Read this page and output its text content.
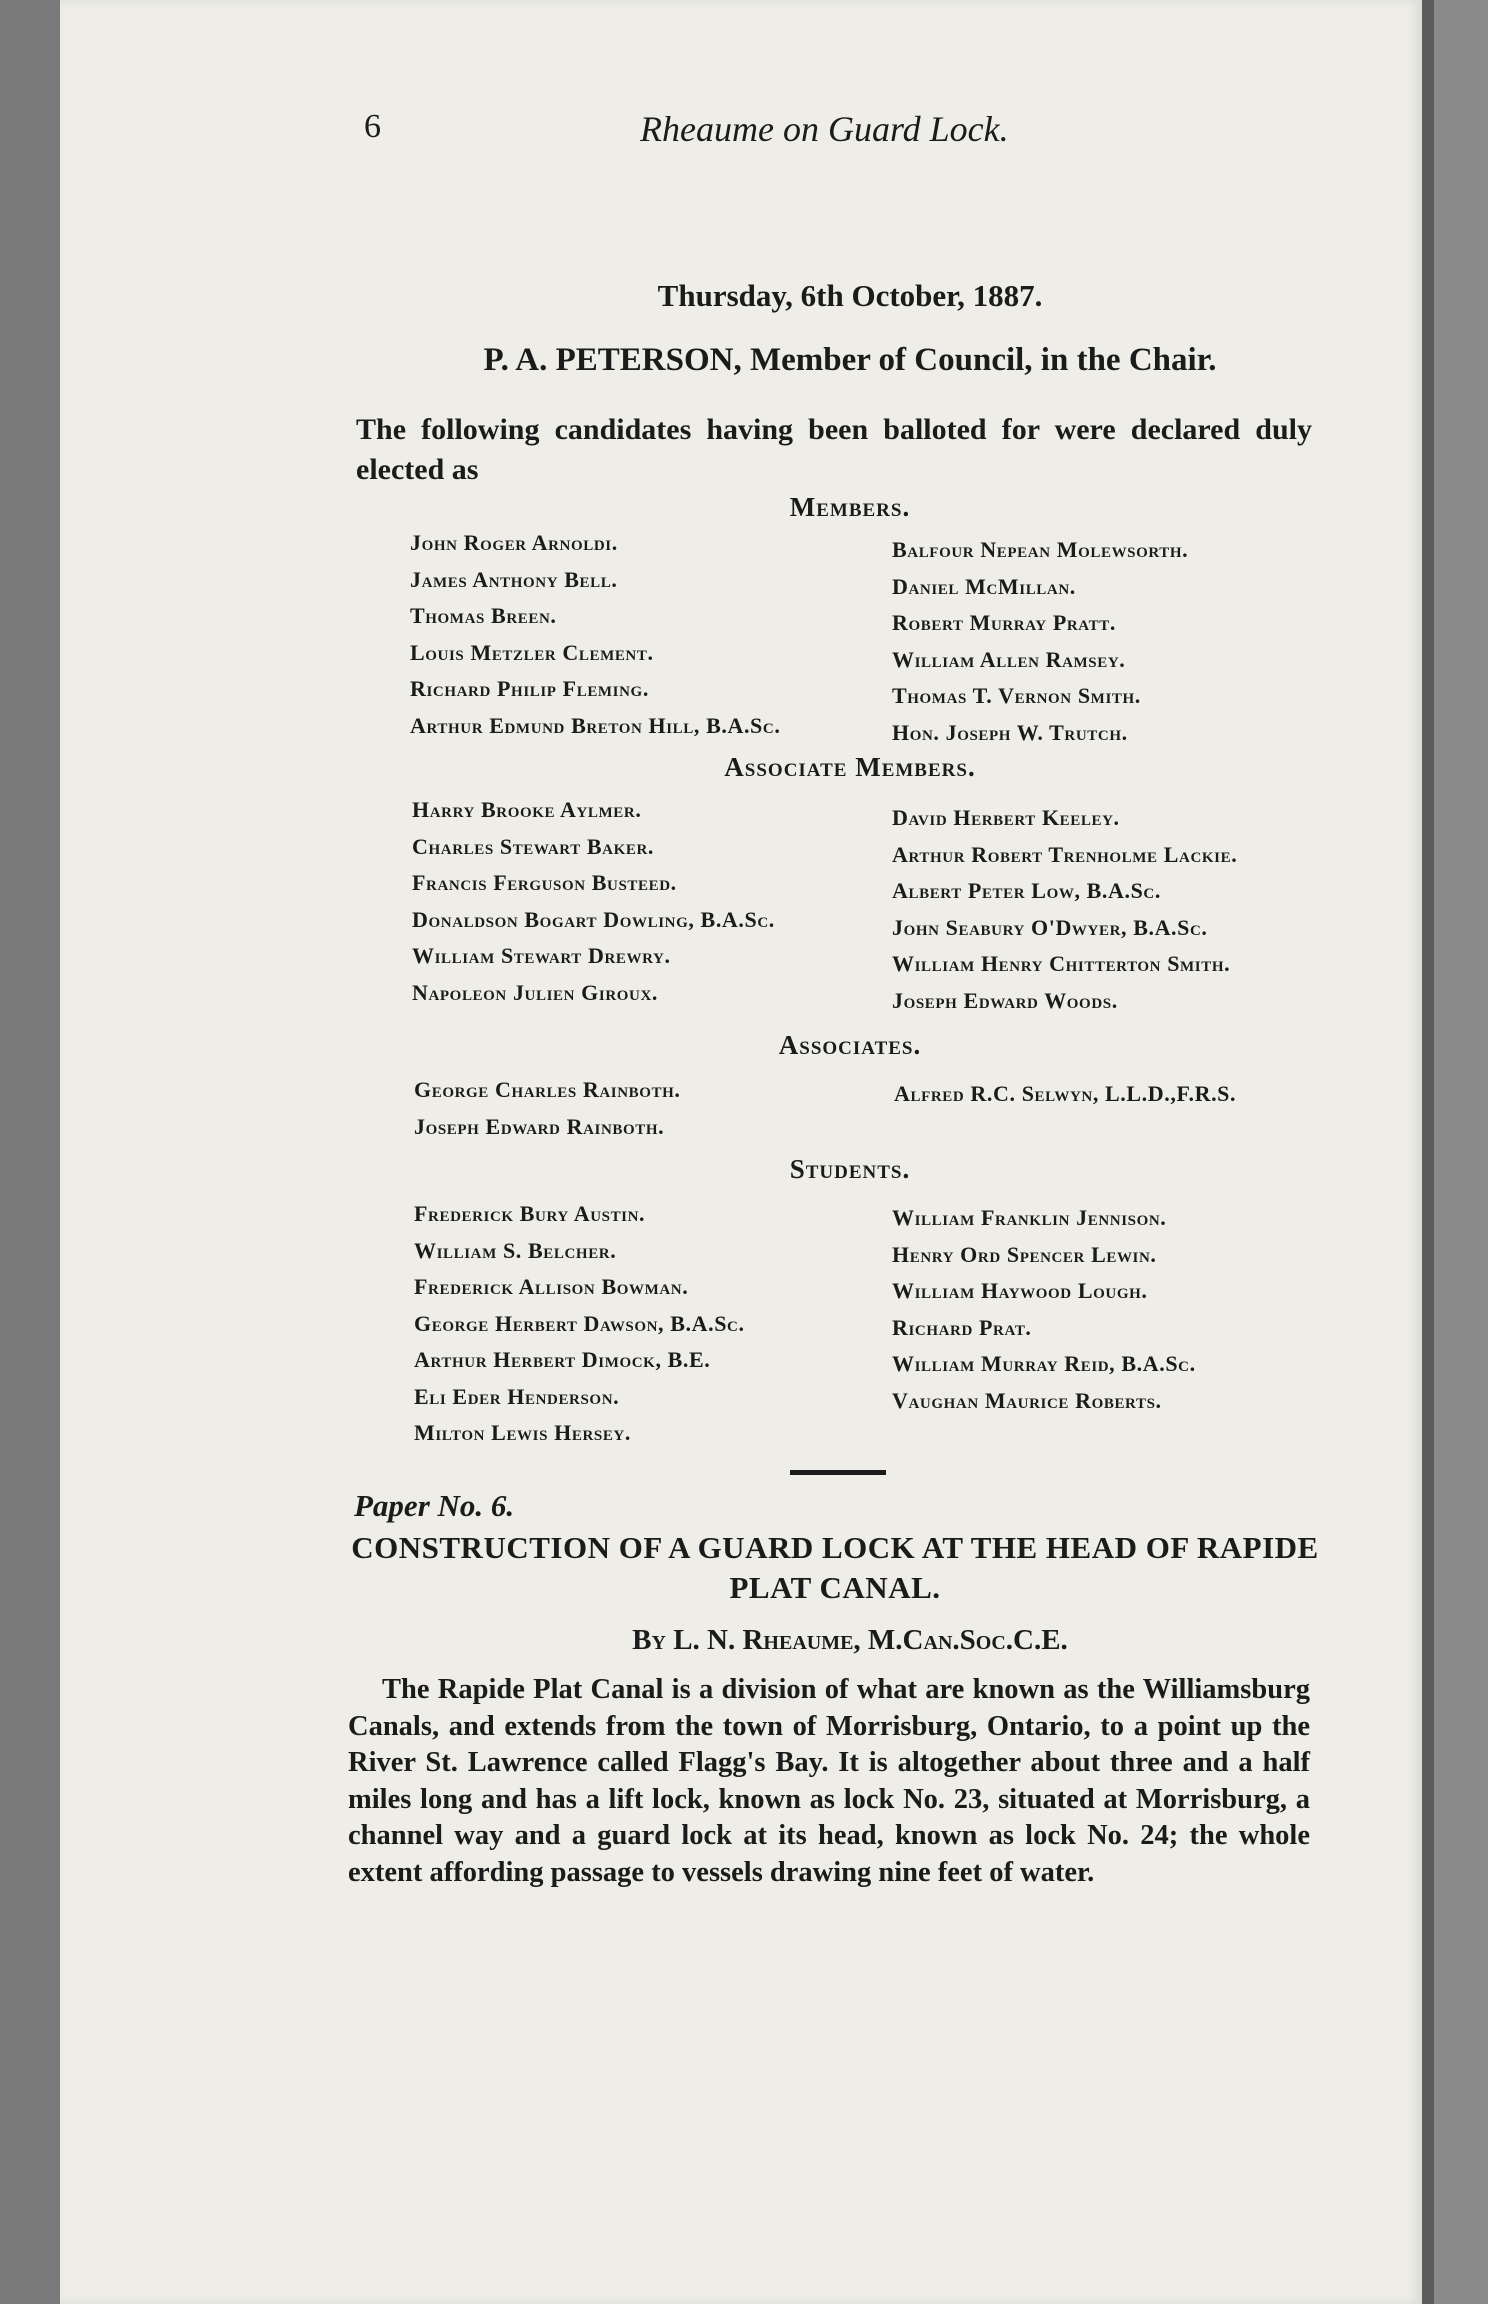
6	Rheaume on Guard Lock.
Thursday, 6th October, 1887.
P. A. PETERSON, Member of Council, in the Chair.
The following candidates having been balloted for were declared duly elected as
Members.
John Roger Arnoldi.
James Anthony Bell.
Thomas Breen.
Louis Metzler Clement.
Richard Philip Fleming.
Arthur Edmund Breton Hill, B.A.Sc.
Balfour Nepean Molewsorth.
Daniel McMillan.
Robert Murray Pratt.
William Allen Ramsey.
Thomas T. Vernon Smith.
Hon. Joseph W. Trutch.
Associate Members.
Harry Brooke Aylmer.
Charles Stewart Baker.
Francis Ferguson Busteed.
Donaldson Bogart Dowling, B.A.Sc.
William Stewart Drewry.
Napoleon Julien Giroux.
David Herbert Keeley.
Arthur Robert Trenholme Lackie.
Albert Peter Low, B.A.Sc.
John Seabury O'Dwyer, B.A.Sc.
William Henry Chitterton Smith.
Joseph Edward Woods.
Associates.
George Charles Rainboth.
Joseph Edward Rainboth.
Alfred R.C. Selwyn, L.L.D.,F.R.S.
Students.
Frederick Bury Austin.
William S. Belcher.
Frederick Allison Bowman.
George Herbert Dawson, B.A.Sc.
Arthur Herbert Dimock, B.E.
Eli Eder Henderson.
Milton Lewis Hersey.
William Franklin Jennison.
Henry Ord Spencer Lewin.
William Haywood Lough.
Richard Prat.
William Murray Reid, B.A.Sc.
Vaughan Maurice Roberts.
Paper No. 6.
CONSTRUCTION OF A GUARD LOCK AT THE HEAD OF RAPIDE PLAT CANAL.
By L. N. Rheaume, M.Can.Soc.C.E.
The Rapide Plat Canal is a division of what are known as the Williamsburg Canals, and extends from the town of Morrisburg, Ontario, to a point up the River St. Lawrence called Flagg's Bay. It is altogether about three and a half miles long and has a lift lock, known as lock No. 23, situated at Morrisburg, a channel way and a guard lock at its head, known as lock No. 24; the whole extent affording passage to vessels drawing nine feet of water.
